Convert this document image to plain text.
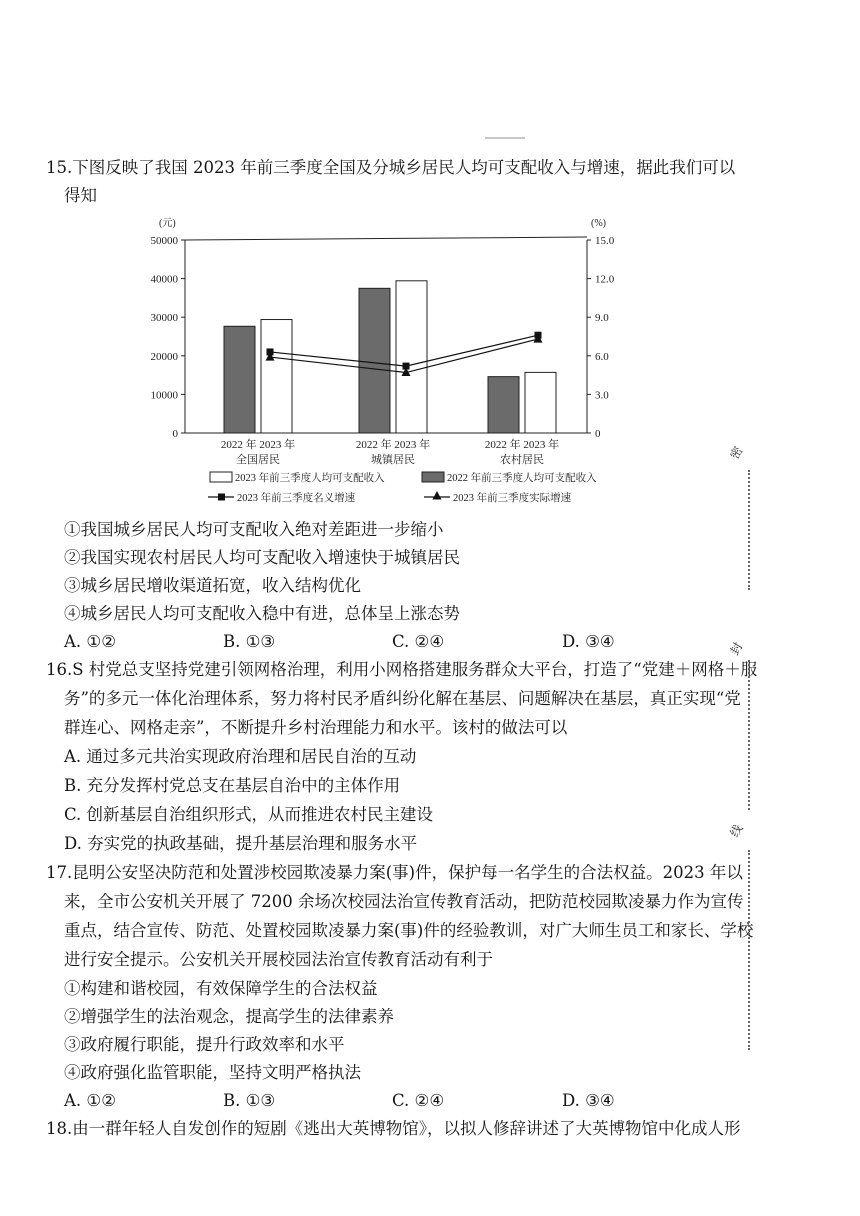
15.下图反映了我国 2023 年前三季度全国及分城乡居民人均可支配收入与增速，据此我们可以
得知
(元)	(%)
0
10000
20000
30000
40000
50000
0
3.0
6.0
9.0
12.0
15.0
2022 年 2023 年
全国居民
2022 年 2023 年
城镇居民
2022 年 2023 年
农村居民
2023 年前三季度人均可支配收入	2022 年前三季度人均可支配收入
2023 年前三季度名义增速	2023 年前三季度实际增速
①我国城乡居民人均可支配收入绝对差距进一步缩小
②我国实现农村居民人均可支配收入增速快于城镇居民
③城乡居民增收渠道拓宽，收入结构优化
④城乡居民人均可支配收入稳中有进，总体呈上涨态势
A. ①②	B. ①③	C. ②④	D. ③④
16.S 村党总支坚持党建引领网格治理，利用小网格搭建服务群众大平台，打造了“党建＋网格＋服
务”的多元一体化治理体系，努力将村民矛盾纠纷化解在基层、问题解决在基层，真正实现“党
群连心、网格走亲”，不断提升乡村治理能力和水平。该村的做法可以
A. 通过多元共治实现政府治理和居民自治的互动
B. 充分发挥村党总支在基层自治中的主体作用
C. 创新基层自治组织形式，从而推进农村民主建设
D. 夯实党的执政基础，提升基层治理和服务水平
17.昆明公安坚决防范和处置涉校园欺凌暴力案(事)件，保护每一名学生的合法权益。2023 年以
来，全市公安机关开展了 7200 余场次校园法治宣传教育活动，把防范校园欺凌暴力作为宣传
重点，结合宣传、防范、处置校园欺凌暴力案(事)件的经验教训，对广大师生员工和家长、学校
进行安全提示。公安机关开展校园法治宣传教育活动有利于
①构建和谐校园，有效保障学生的合法权益
②增强学生的法治观念，提高学生的法律素养
③政府履行职能，提升行政效率和水平
④政府强化监管职能，坚持文明严格执法
A. ①②	B. ①③	C. ②④	D. ③④
18.由一群年轻人自发创作的短剧《逃出大英博物馆》，以拟人修辞讲述了大英博物馆中化成人形
密
封
线
